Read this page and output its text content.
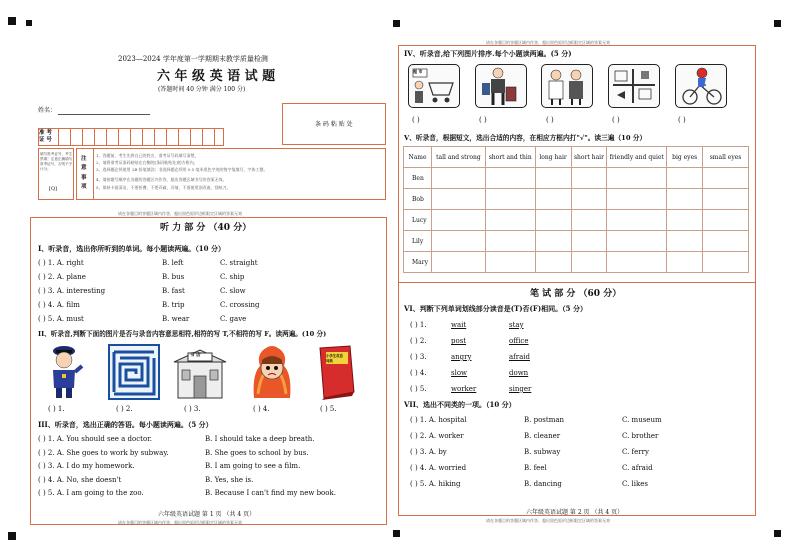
2023—2024 学年度第一学期期末教学质量检测
六 年 级 英 语 试 题
(答题时间 40 分钟 满分 100 分)
姓名：
条 码 粘 贴 处
准 考 证 号
填写准考证号，考生禁填！注意正确填写准考证号，否则不予计分。
[Q]
注 意 事 项
1、答题前，考生先将自己的姓名、准考证号码填写清楚。
2、请将准考证条码粘贴在右侧的[条码粘贴处]的方框内。
3、选择题必须使用 2B 铅笔填涂；非选择题必须用 0.5 毫米黑色字迹的签字笔填写，字体工整。
4、请按题号顺序在各题的答题区内作答，超出答题区域书写的答案无效。
5、保持卡面清洁，不要折叠、不要弄破，弄皱，不准使用涂改液、刮纸刀。
请在各题目的答题区域内作答，超出黑色矩形边框限定区域的答案无效
听 力 部 分 （40 分）
I、听录音，选出你所听到的单词。每小题读两遍。（10 分）
( ) 1. A. right	B. left	C. straight
( ) 2. A. plane	B. bus	C. ship
( ) 3. A. interesting	B. fast	C. slow
( ) 4. A. film	B. trip	C. crossing
( ) 5. A. must	B. wear	C. gave
II、听录音,判断下面的图片是否与录音内容意思相符,相符的写 T,不相符的写 F。读两遍。(10 分)
书 店	小学生英语词典
( ) 1.	( ) 2.	( ) 3.	( ) 4.	( ) 5.
III、听录音，选出正确的答语。每小题读两遍。（5 分）
( ) 1. A. You should see a doctor.	B. I should take a deep breath.
( ) 2. A. She goes to work by subway.	B. She goes to school by bus.
( ) 3. A. I do my homework.	B. I am going to see a film.
( ) 4. A. No, she doesn't	B. Yes, she is.
( ) 5. A. I am going to the zoo.	B. Because I can't find my new book.
六年级英语试题 第 1 页 （共 4 页）
请在各题目的答题区域内作答，超出黑色矩形边框限定区域的答案无效
请在各题目的答题区域内作答，超出黑色矩形边框限定区域的答案无效
IV、听录音,给下列图片排序.每个小题读两遍。(5 分)
超 市
( )	( )	( )	( )	( )
V、听录音，根据短文，选出合适的内容，在相应方框内打"√"。读三遍（10 分）
Name	tall and strong	short and thin	long hair	short hair	friendly and quiet	big eyes	small eyes
Ben							
Bob							
Lucy							
Lily							
Mary							
笔 试 部 分 （60 分）
VI、判断下列单词划线部分读音是(T)否(F)相同。（5 分）
( ) 1.	wait	stay
( ) 2.	post	office
( ) 3.	angry	afraid
( ) 4.	slow	down
( ) 5.	worker	singer
VII、选出不同类的一项。（10 分）
( ) 1. A. hospital	B. postman	C. museum
( ) 2. A. worker	B. cleaner	C. brother
( ) 3. A. by	B. subway	C. ferry
( ) 4. A. worried	B. feel	C. afraid
( ) 5. A. hiking	B. dancing	C. likes
六年级英语试题 第 2 页 （共 4 页）
请在各题目的答题区域内作答，超出黑色矩形边框限定区域的答案无效
